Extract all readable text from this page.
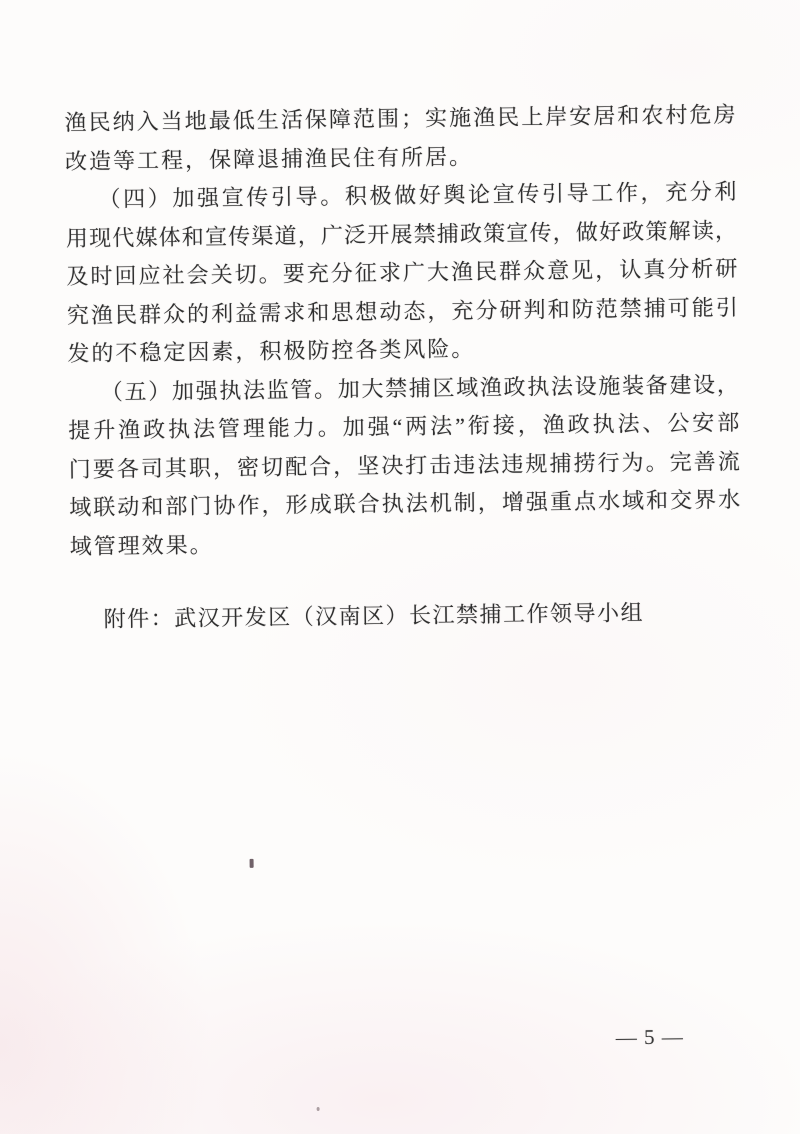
渔民纳入当地最低生活保障范围；实施渔民上岸安居和农村危房
改造等工程，保障退捕渔民住有所居。
（四）加强宣传引导。积极做好舆论宣传引导工作，充分利
用现代媒体和宣传渠道，广泛开展禁捕政策宣传，做好政策解读，
及时回应社会关切。要充分征求广大渔民群众意见，认真分析研
究渔民群众的利益需求和思想动态，充分研判和防范禁捕可能引
发的不稳定因素，积极防控各类风险。
（五）加强执法监管。加大禁捕区域渔政执法设施装备建设，
提升渔政执法管理能力。加强“两法”衔接，渔政执法、公安部
门要各司其职，密切配合，坚决打击违法违规捕捞行为。完善流
域联动和部门协作，形成联合执法机制，增强重点水域和交界水
域管理效果。
附件：武汉开发区（汉南区）长江禁捕工作领导小组
— 5 —
